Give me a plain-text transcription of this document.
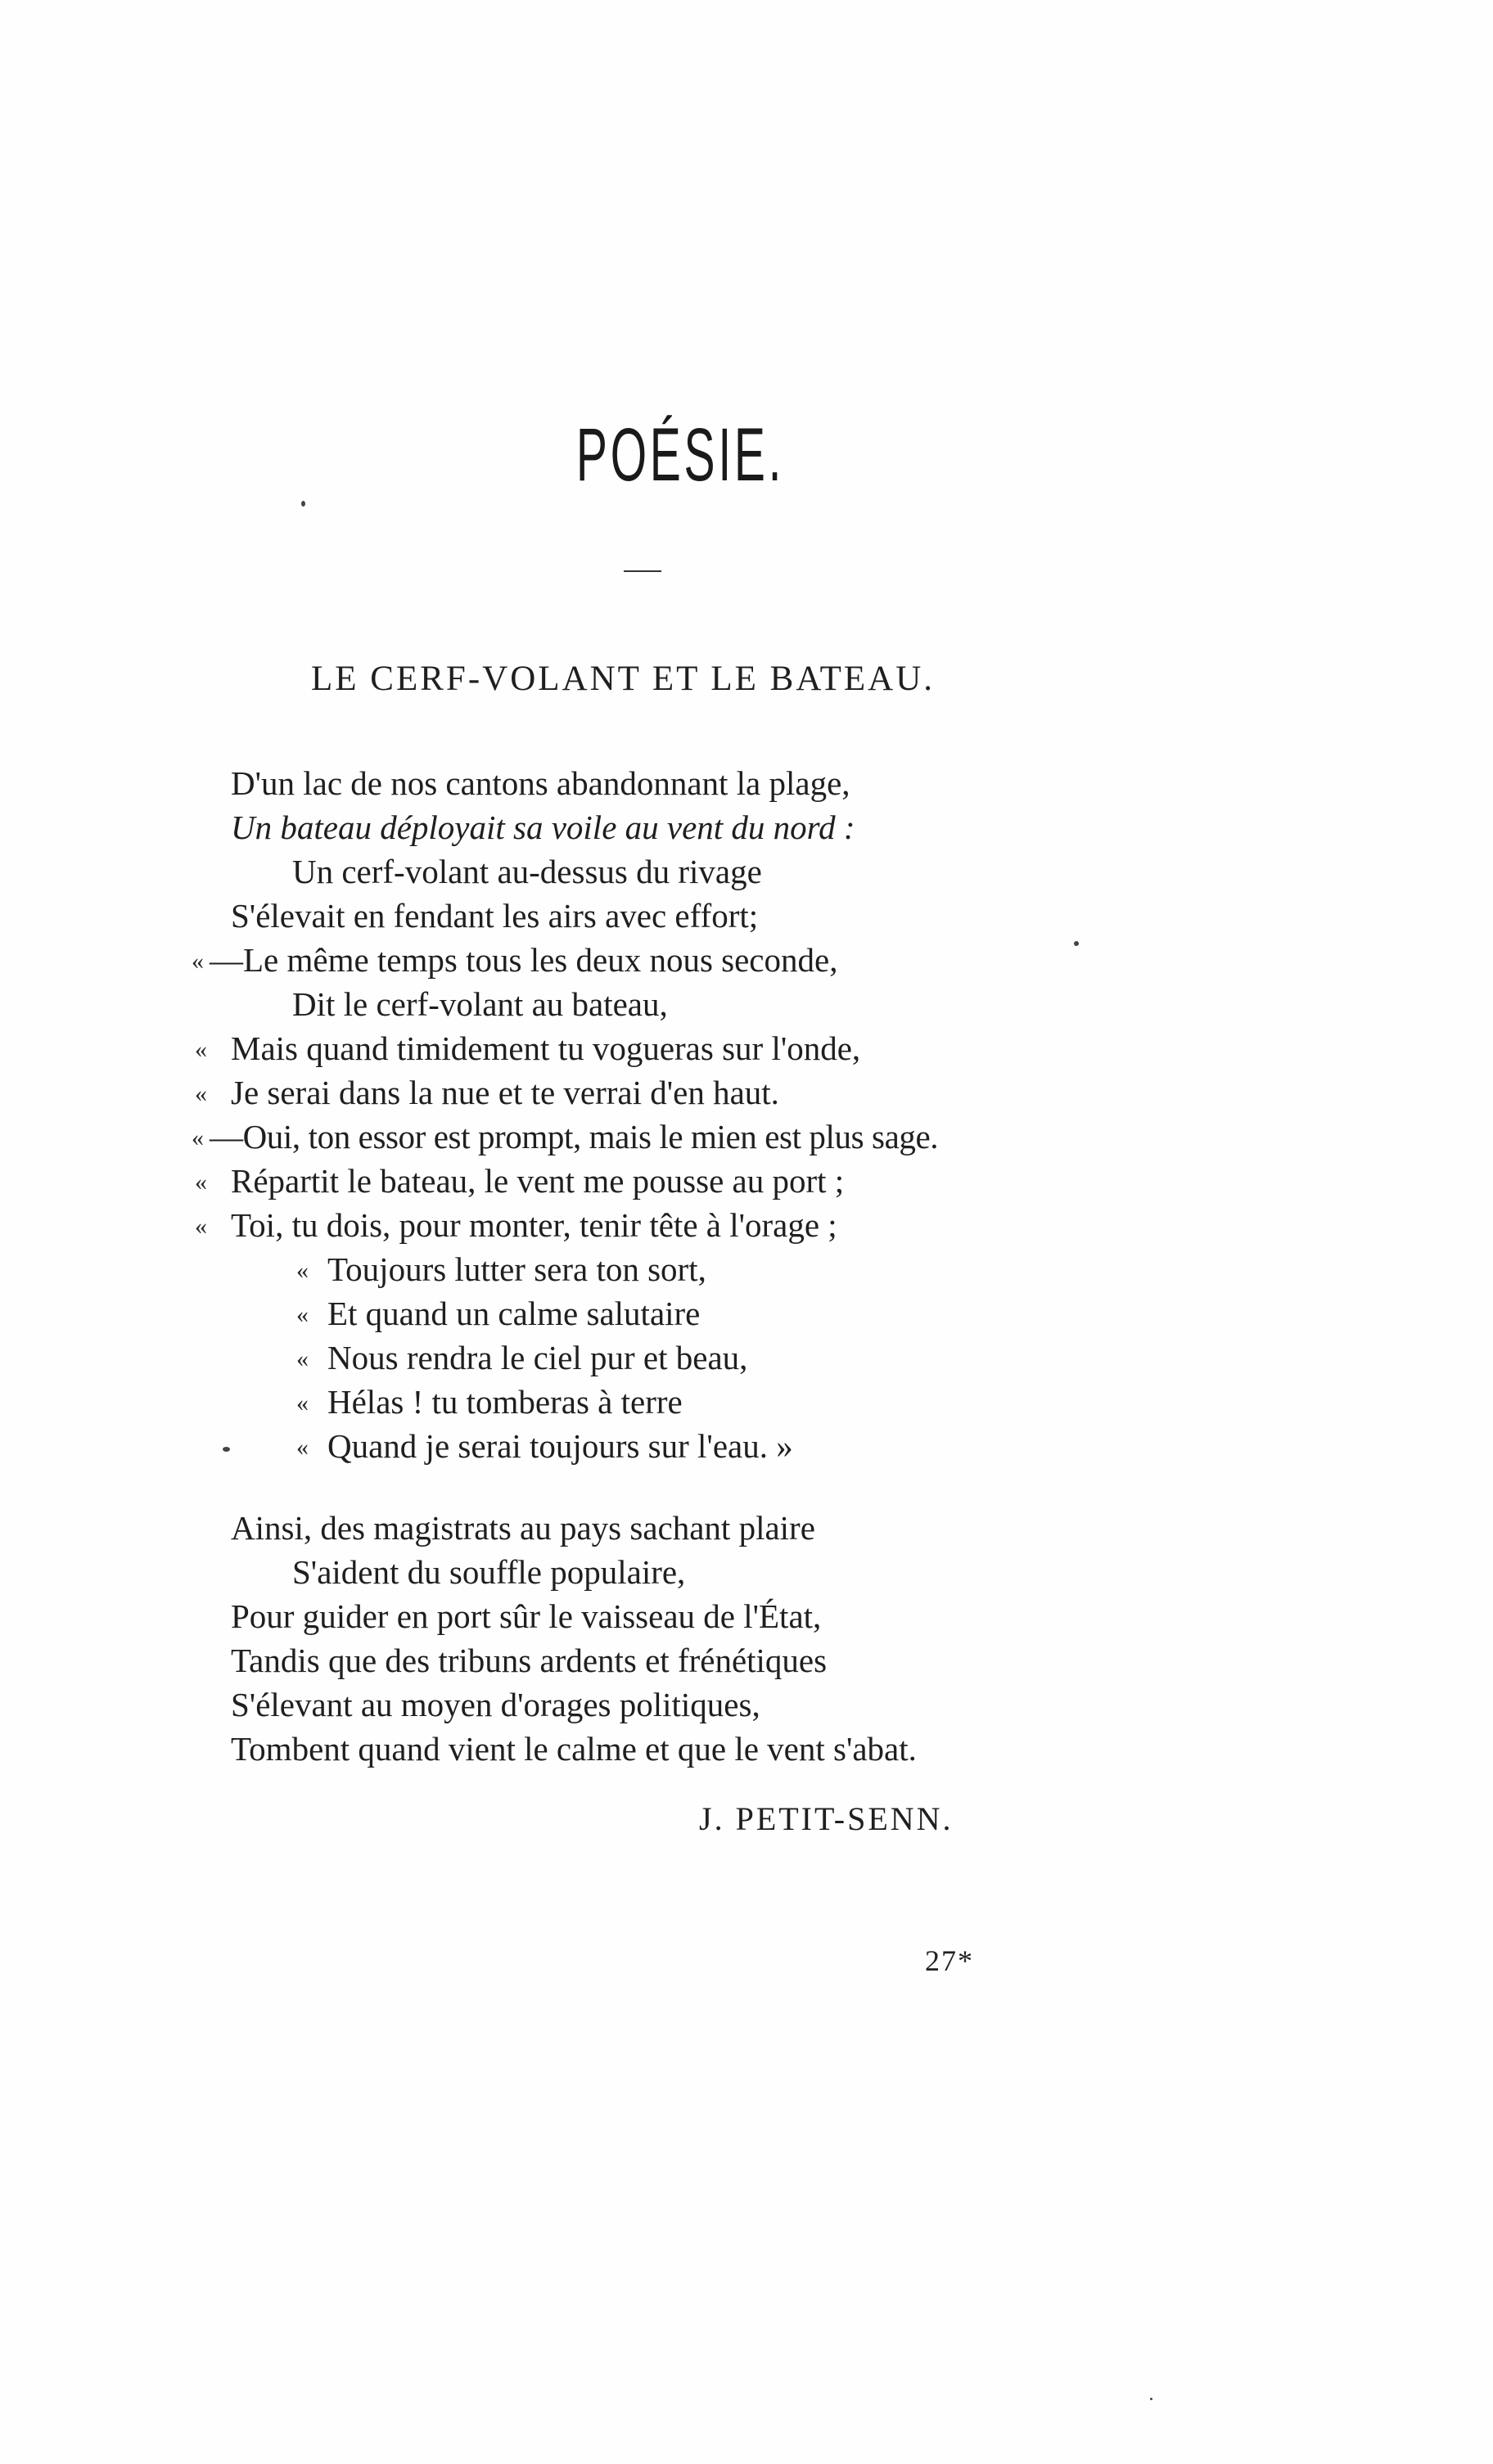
POÉSIE.
LE CERF-VOLANT ET LE BATEAU.
D'un lac de nos cantons abandonnant la plage,
Un bateau déployait sa voile au vent du nord :
Un cerf-volant au-dessus du rivage
S'élevait en fendant les airs avec effort;
« —Le même temps tous les deux nous seconde,
Dit le cerf-volant au bateau,
« Mais quand timidement tu vogueras sur l'onde,
« Je serai dans la nue et te verrai d'en haut.
« —Oui, ton essor est prompt, mais le mien est plus sage.
« Répartit le bateau, le vent me pousse au port ;
« Toi, tu dois, pour monter, tenir tête à l'orage ;
« Toujours lutter sera ton sort,
« Et quand un calme salutaire
« Nous rendra le ciel pur et beau,
« Hélas ! tu tomberas à terre
« Quand je serai toujours sur l'eau. »
Ainsi, des magistrats au pays sachant plaire
S'aident du souffle populaire,
Pour guider en port sûr le vaisseau de l'État,
Tandis que des tribuns ardents et frénétiques
S'élevant au moyen d'orages politiques,
Tombent quand vient le calme et que le vent s'abat.
J. PETIT-SENN.
27*
